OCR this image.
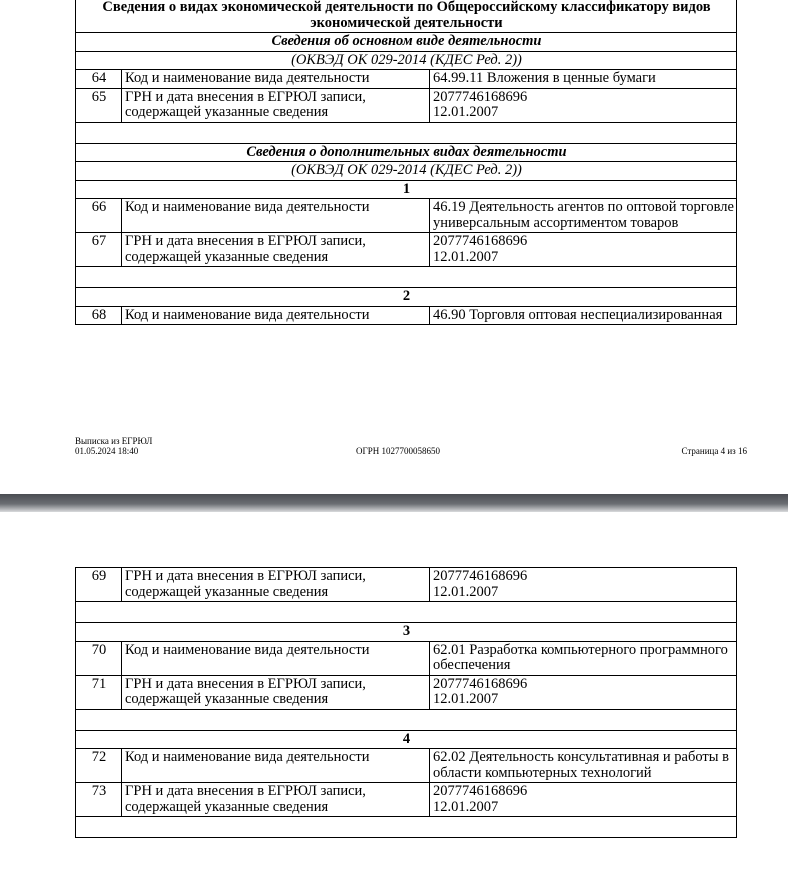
Сведения о видах экономической деятельности по Общероссийскому классификатору видов экономической деятельности		
Сведения об основном виде деятельности		
(ОКВЭД ОК 029-2014 (КДЕС Ред. 2))		
64	Код и наименование вида деятельности	64.99.11 Вложения в ценные бумаги
65	ГРН и дата внесения в ЕГРЮЛ записи, содержащей указанные сведения	2077746168696
12.01.2007

Сведения о дополнительных видах деятельности		
(ОКВЭД ОК 029-2014 (КДЕС Ред. 2))		
1		
66	Код и наименование вида деятельности	46.19 Деятельность агентов по оптовой торговле универсальным ассортиментом товаров
67	ГРН и дата внесения в ЕГРЮЛ записи, содержащей указанные сведения	2077746168696
12.01.2007

2		
68	Код и наименование вида деятельности	46.90 Торговля оптовая неспециализированная
Выписка из ЕГРЮЛ
01.05.2024 18:40	ОГРН 1027700058650	Страница 4 из 16
69	ГРН и дата внесения в ЕГРЮЛ записи, содержащей указанные сведения	2077746168696
12.01.2007

3		
70	Код и наименование вида деятельности	62.01 Разработка компьютерного программного обеспечения
71	ГРН и дата внесения в ЕГРЮЛ записи, содержащей указанные сведения	2077746168696
12.01.2007

4		
72	Код и наименование вида деятельности	62.02 Деятельность консультативная и работы в области компьютерных технологий
73	ГРН и дата внесения в ЕГРЮЛ записи, содержащей указанные сведения	2077746168696
12.01.2007
